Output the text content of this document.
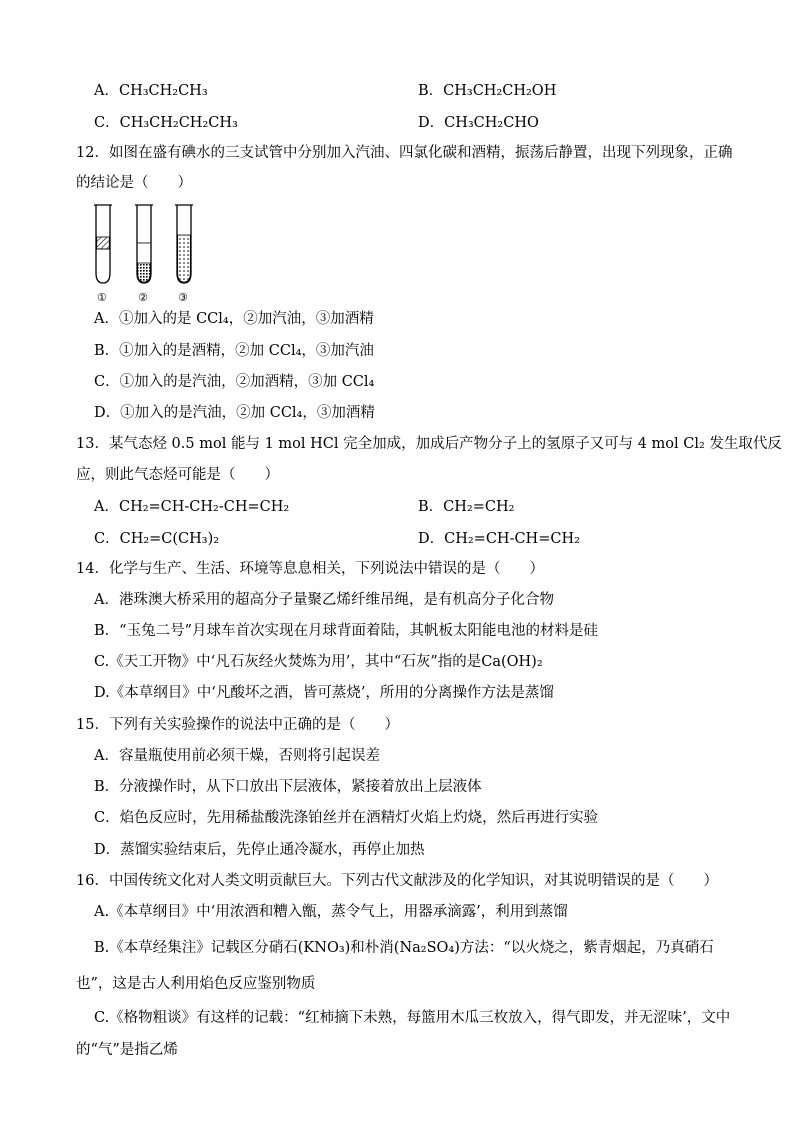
A．CH₃CH₂CH₃	B．CH₃CH₂CH₂OH
C．CH₃CH₂CH₂CH₃	D．CH₃CH₂CHO
12．如图在盛有碘水的三支试管中分别加入汽油、四氯化碳和酒精，振荡后静置，出现下列现象，正确
的结论是（　　）
①	②	③
A．①加入的是 CCl₄，②加汽油，③加酒精
B．①加入的是酒精，②加 CCl₄，③加汽油
C．①加入的是汽油，②加酒精，③加 CCl₄
D．①加入的是汽油，②加 CCl₄，③加酒精
13．某气态烃 0.5 mol 能与 1 mol HCl 完全加成，加成后产物分子上的氢原子又可与 4 mol Cl₂ 发生取代反
应，则此气态烃可能是（　　）
A．CH₂=CH-CH₂-CH=CH₂	B．CH₂=CH₂
C．CH₂=C(CH₃)₂	D．CH₂=CH-CH=CH₂
14．化学与生产、生活、环境等息息相关，下列说法中错误的是（　　）
A．港珠澳大桥采用的超高分子量聚乙烯纤维吊绳，是有机高分子化合物
B．“玉兔二号”月球车首次实现在月球背面着陆，其帆板太阳能电池的材料是硅
C.《天工开物》中‘凡石灰经火焚炼为用’，其中“石灰”指的是Ca(OH)₂
D.《本草纲目》中‘凡酸坏之酒，皆可蒸烧’，所用的分离操作方法是蒸馏
15．下列有关实验操作的说法中正确的是（　　）
A．容量瓶使用前必须干燥，否则将引起误差
B．分液操作时，从下口放出下层液体，紧接着放出上层液体
C．焰色反应时，先用稀盐酸洗涤铂丝并在酒精灯火焰上灼烧，然后再进行实验
D．蒸馏实验结束后，先停止通冷凝水，再停止加热
16．中国传统文化对人类文明贡献巨大。下列古代文献涉及的化学知识，对其说明错误的是（　　）
A.《本草纲目》中‘用浓酒和糟入甑，蒸令气上，用器承滴露’，利用到蒸馏
B.《本草经集注》记载区分硝石(KNO₃)和朴消(Na₂SO₄)方法：“以火烧之，紫青烟起，乃真硝石
也”，这是古人利用焰色反应鉴别物质
C.《格物粗谈》有这样的记载：“红柿摘下未熟，每篮用木瓜三枚放入，得气即发，并无涩味’，文中
的“气”是指乙烯
